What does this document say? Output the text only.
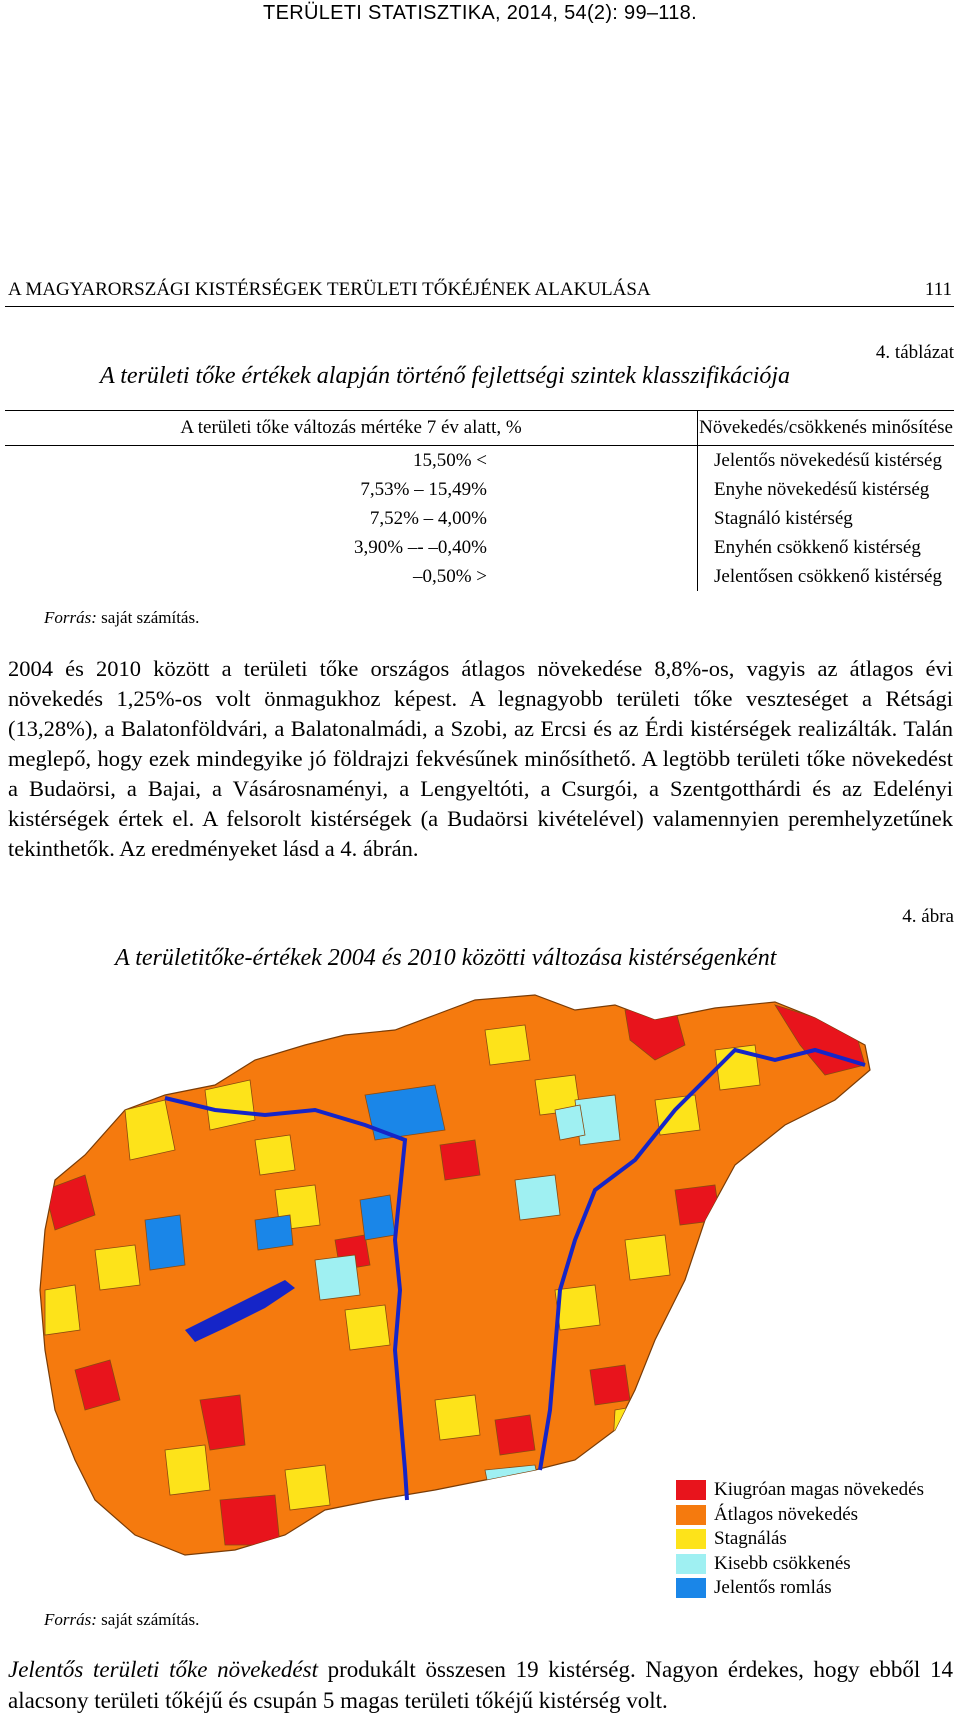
TERÜLETI STATISZTIKA, 2014, 54(2): 99–118.
A MAGYARORSZÁGI KISTÉRSÉGEK TERÜLETI TŐKÉJÉNEK ALAKULÁSA	111
4. táblázat
A területi tőke értékek alapján történő fejlettségi szintek klasszifikációja
A területi tőke változás mértéke 7 év alatt, %	Növekedés/csökkenés minősítése
15,50% <	Jelentős növekedésű kistérség
7,53% – 15,49%	Enyhe növekedésű kistérség
7,52% – 4,00%	Stagnáló kistérség
3,90% –- –0,40%	Enyhén csökkenő kistérség
–0,50% >	Jelentősen csökkenő kistérség
Forrás: saját számítás.
2004 és 2010 között a területi tőke országos átlagos növekedése 8,8%-os, vagyis az átlagos évi növekedés 1,25%-os volt önmagukhoz képest. A legnagyobb területi tőke veszteséget a Rétsági (13,28%), a Balatonföldvári, a Balatonalmádi, a Szobi, az Ercsi és az Érdi kistérségek realizálták. Talán meglepő, hogy ezek mindegyike jó földrajzi fekvésűnek minősíthető. A legtöbb területi tőke növekedést a Budaörsi, a Bajai, a Vásárosnaményi, a Lengyeltóti, a Csurgói, a Szentgotthárdi és az Edelényi kistérségek értek el. A felsorolt kistérségek (a Budaörsi kivételével) valamennyien peremhelyzetűnek tekinthetők. Az eredményeket lásd a 4. ábrán.
4. ábra
A területitőke-értékek 2004 és 2010 közötti változása kistérségenként
Kiugróan magas növekedés
Átlagos növekedés
Stagnálás
Kisebb csökkenés
Jelentős romlás
Forrás: saját számítás.
Jelentős területi tőke növekedést produkált összesen 19 kistérség. Nagyon érdekes, hogy ebből 14 alacsony területi tőkéjű és csupán 5 magas területi tőkéjű kistérség volt.
